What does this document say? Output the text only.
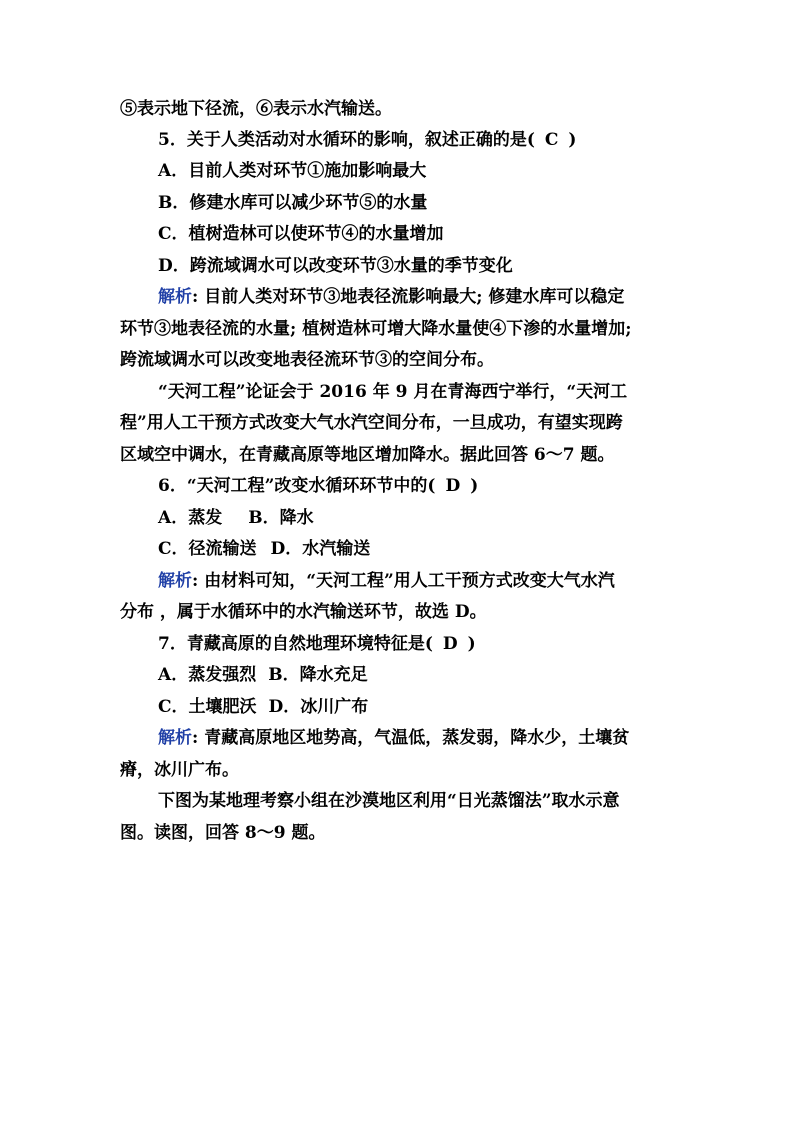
⑤表示地下径流，⑥表示水汽输送。
5．关于人类活动对水循环的影响，叙述正确的是( C )
A．目前人类对环节①施加影响最大
B．修建水库可以减少环节⑤的水量
C．植树造林可以使环节④的水量增加
D．跨流域调水可以改变环节③水量的季节变化
解析: 目前人类对环节③地表径流影响最大; 修建水库可以稳定
环节③地表径流的水量; 植树造林可增大降水量使④下渗的水量增加;
跨流域调水可以改变地表径流环节③的空间分布。
“天河工程”论证会于 2016 年 9 月在青海西宁举行，“天河工
程”用人工干预方式改变大气水汽空间分布，一旦成功，有望实现跨
区域空中调水，在青藏高原等地区增加降水。据此回答 6～7 题。
6．“天河工程”改变水循环环节中的( D )
A．蒸发 B．降水
C．径流输送 D．水汽输送
解析: 由材料可知，“天河工程”用人工干预方式改变大气水汽
分布 ，属于水循环中的水汽输送环节，故选 D。
7．青藏高原的自然地理环境特征是( D )
A．蒸发强烈 B．降水充足
C．土壤肥沃 D．冰川广布
解析: 青藏高原地区地势高，气温低，蒸发弱，降水少，土壤贫
瘠，冰川广布。
下图为某地理考察小组在沙漠地区利用“日光蒸馏法”取水示意
图。读图，回答 8～9 题。
